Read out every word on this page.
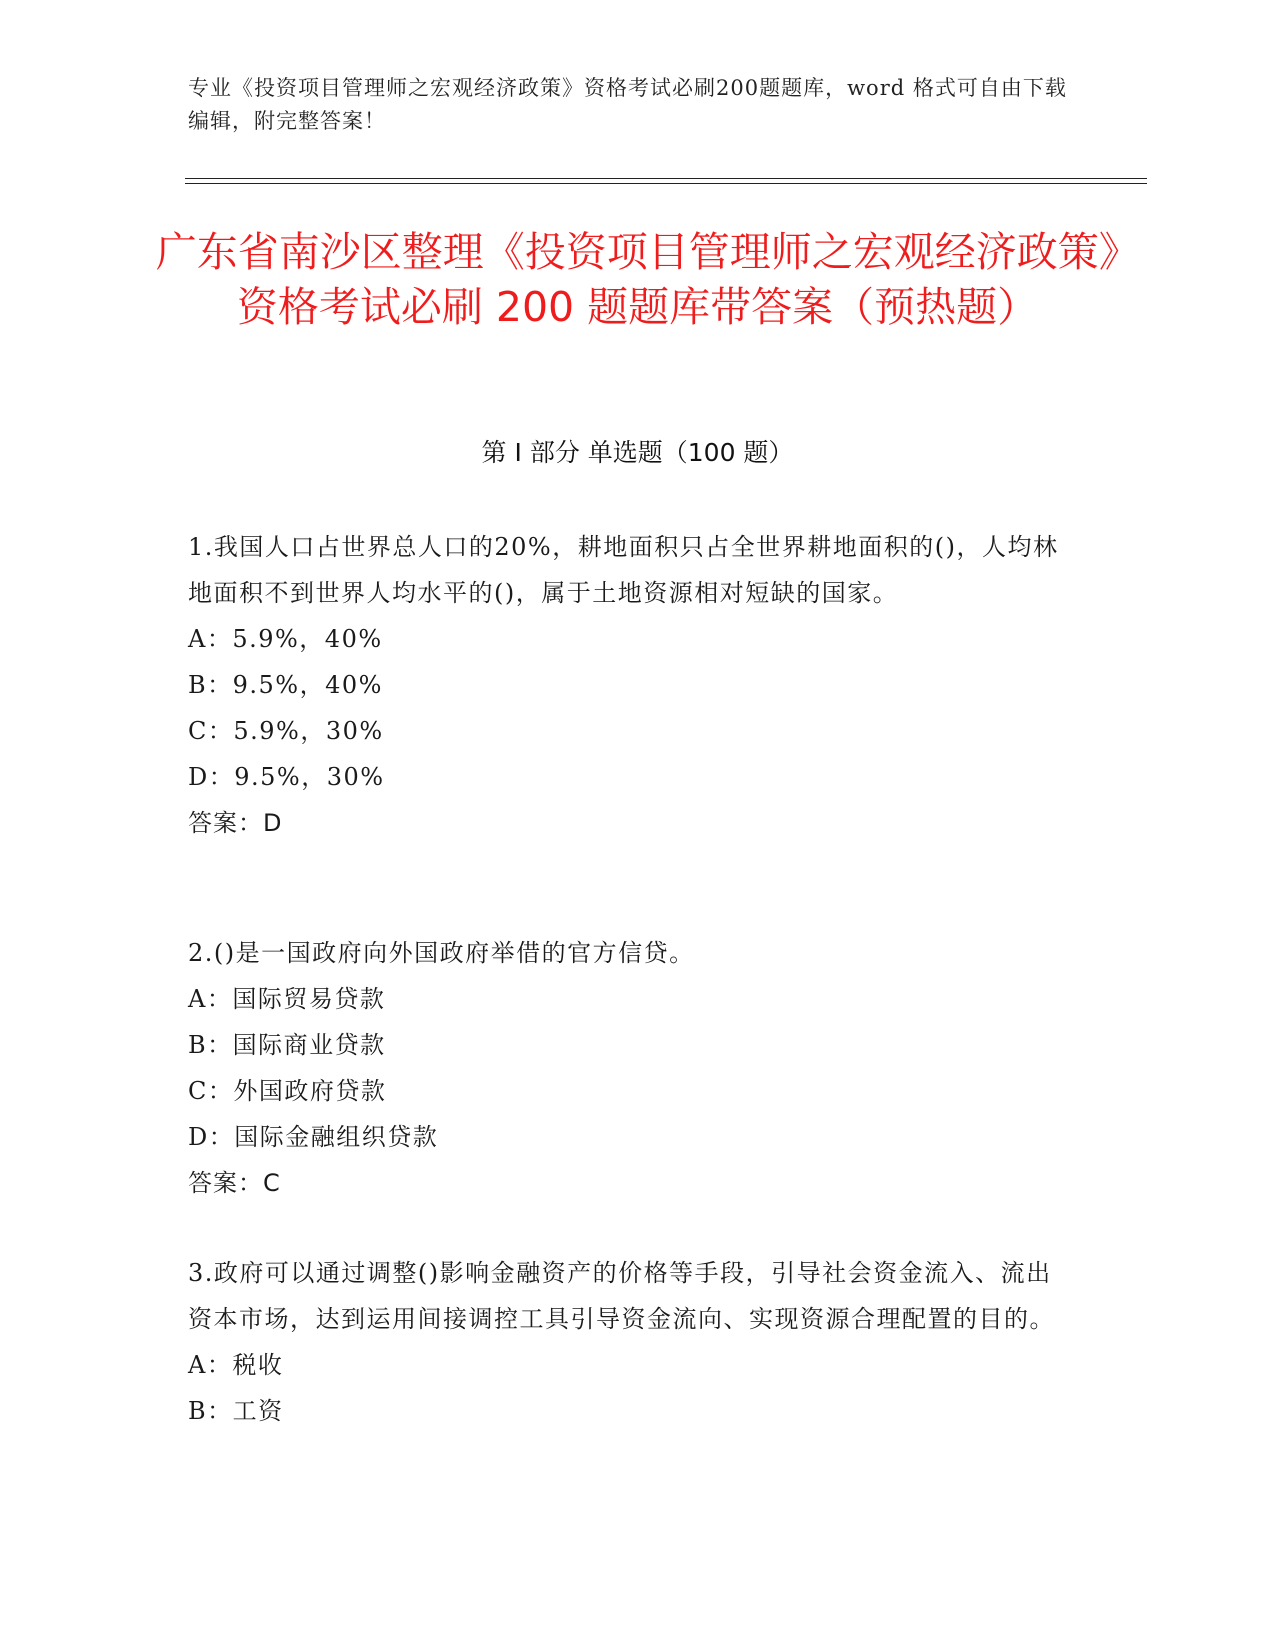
专业《投资项目管理师之宏观经济政策》资格考试必刷200题题库，word 格式可自由下载编辑，附完整答案！
广东省南沙区整理《投资项目管理师之宏观经济政策》资格考试必刷 200 题题库带答案（预热题）
第 I 部分 单选题（100 题）
1.我国人口占世界总人口的20%，耕地面积只占全世界耕地面积的()，人均林地面积不到世界人均水平的()，属于土地资源相对短缺的国家。
A：5.9%，40%
B：9.5%，40%
C：5.9%，30%
D：9.5%，30%
答案：D
2.()是一国政府向外国政府举借的官方信贷。
A：国际贸易贷款
B：国际商业贷款
C：外国政府贷款
D：国际金融组织贷款
答案：C
3.政府可以通过调整()影响金融资产的价格等手段，引导社会资金流入、流出资本市场，达到运用间接调控工具引导资金流向、实现资源合理配置的目的。
A：税收
B：工资
